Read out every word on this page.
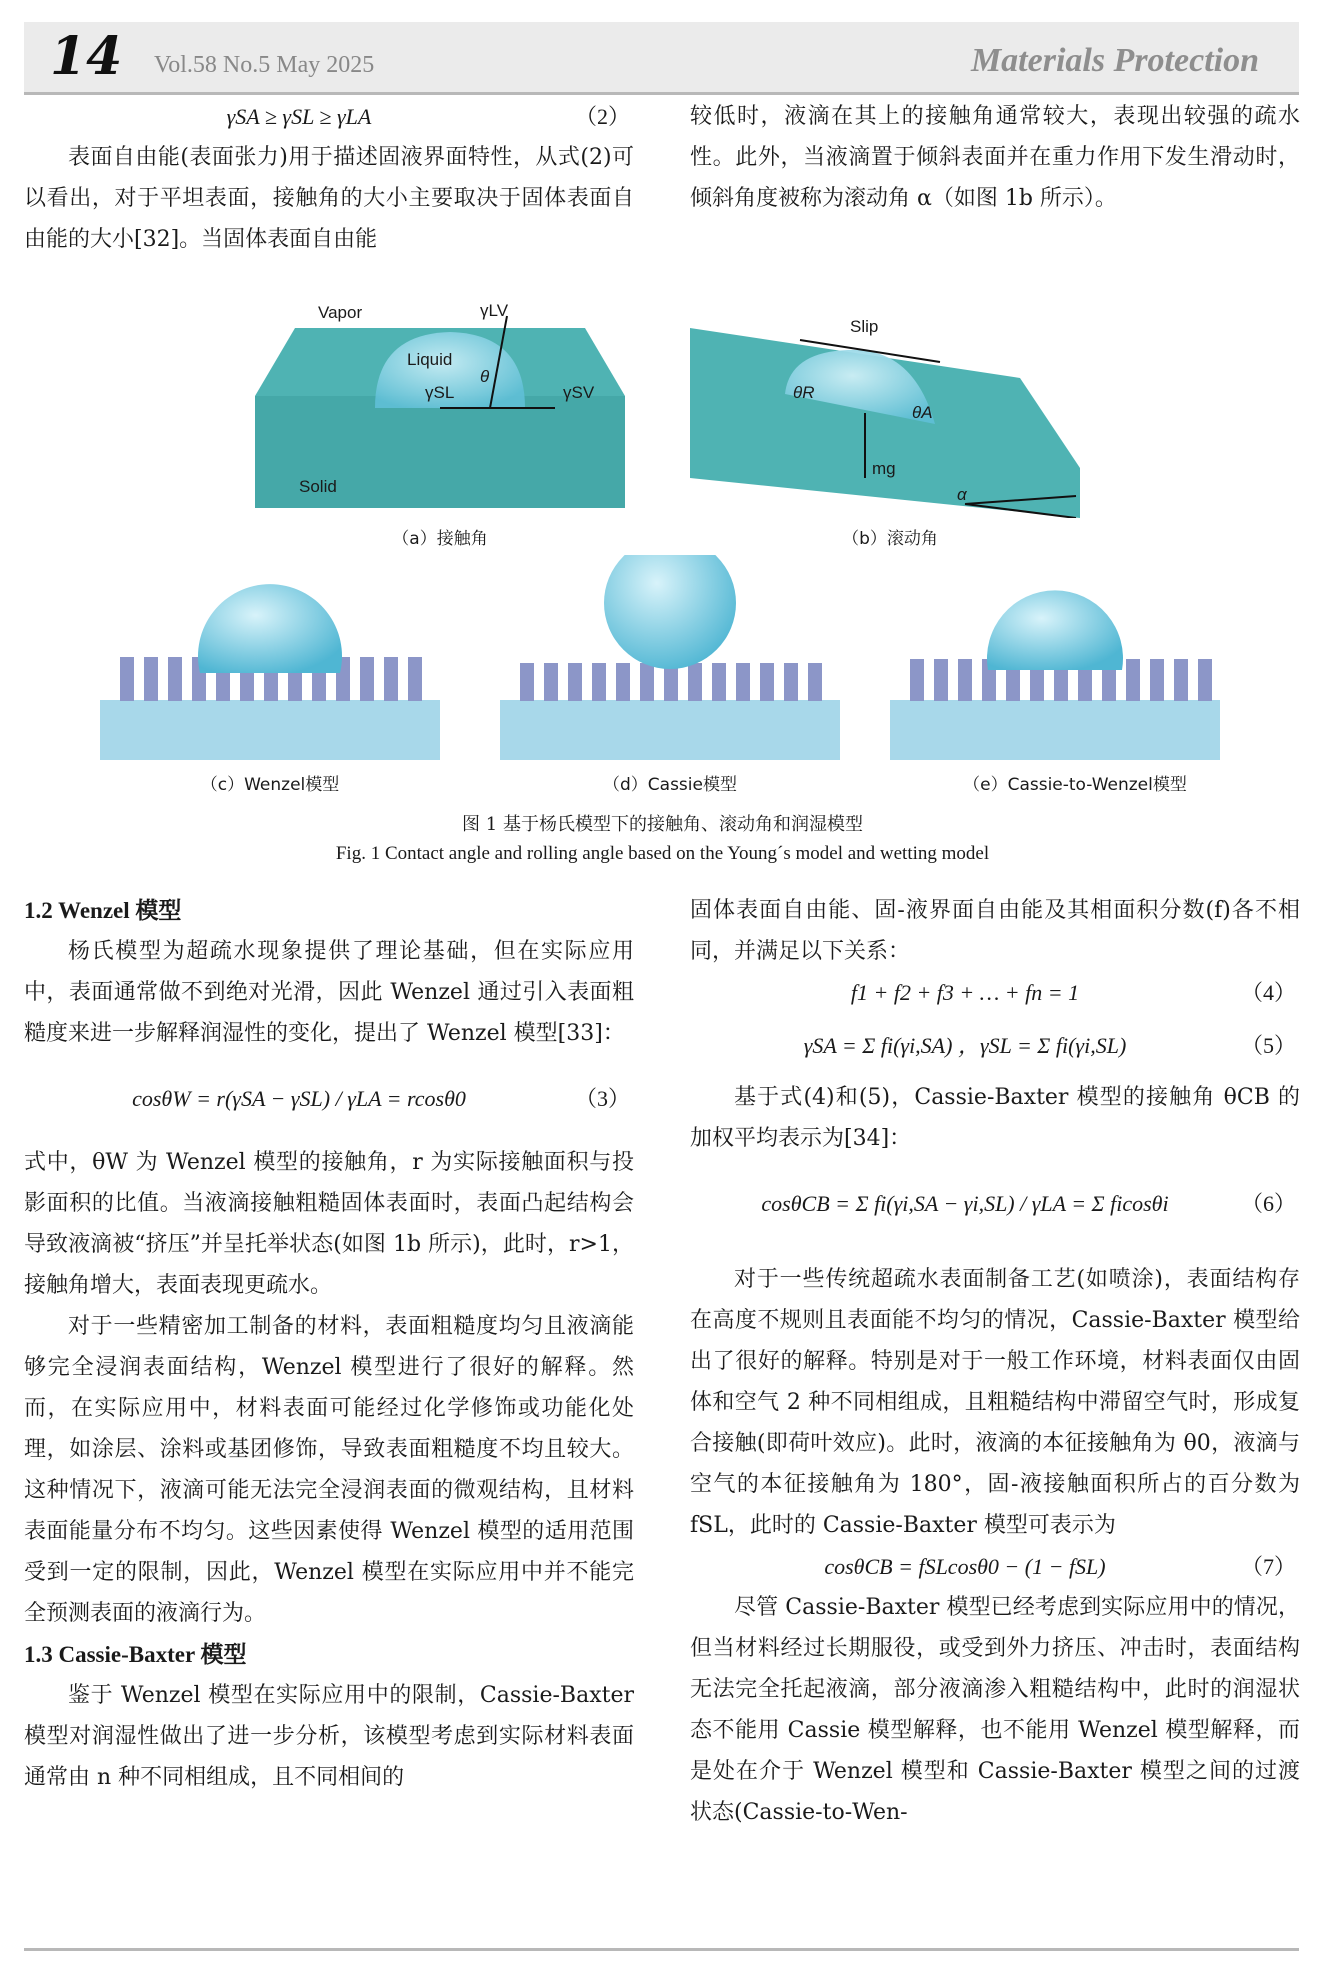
14 Vol.58 No.5 May 2025	Materials Protection
γSA ≥ γSL ≥ γLA	（2）

表面自由能(表面张力)用于描述固液界面特性，从式(2)可以看出，对于平坦表面，接触角的大小主要取决于固体表面自由能的大小[32]。当固体表面自由能

较低时，液滴在其上的接触角通常较大，表现出较强的疏水性。此外，当液滴置于倾斜表面并在重力作用下发生滑动时，倾斜角度被称为滚动角 α（如图 1b 所示）。

Vapor
Liquid
Solid
θ
γLV
γSL	γSV
（a）接触角
Slip
θR
θA
mg
α
（b）滚动角
（c）Wenzel模型	（d）Cassie模型	（e）Cassie-to-Wenzel模型
图 1 基于杨氏模型下的接触角、滚动角和润湿模型
Fig. 1 Contact angle and rolling angle based on the Young´s model and wetting model

1.2 Wenzel 模型

杨氏模型为超疏水现象提供了理论基础，但在实际应用中，表面通常做不到绝对光滑，因此 Wenzel 通过引入表面粗糙度来进一步解释润湿性的变化，提出了 Wenzel 模型[33]：

cosθW = r(γSA − γSL) / γLA = rcosθ0	（3）

式中，θW 为 Wenzel 模型的接触角，r 为实际接触面积与投影面积的比值。当液滴接触粗糙固体表面时，表面凸起结构会导致液滴被“挤压”并呈托举状态(如图 1b 所示)，此时，r>1，接触角增大，表面表现更疏水。

对于一些精密加工制备的材料，表面粗糙度均匀且液滴能够完全浸润表面结构，Wenzel 模型进行了很好的解释。然而，在实际应用中，材料表面可能经过化学修饰或功能化处理，如涂层、涂料或基团修饰，导致表面粗糙度不均且较大。这种情况下，液滴可能无法完全浸润表面的微观结构，且材料表面能量分布不均匀。这些因素使得 Wenzel 模型的适用范围受到一定的限制，因此，Wenzel 模型在实际应用中并不能完全预测表面的液滴行为。

1.3 Cassie‑Baxter 模型

鉴于 Wenzel 模型在实际应用中的限制，Cassie‑Baxter 模型对润湿性做出了进一步分析，该模型考虑到实际材料表面通常由 n 种不同相组成，且不同相间的

固体表面自由能、固‑液界面自由能及其相面积分数(f)各不相同，并满足以下关系：

f1 + f2 + f3 + … + fn = 1	（4）
γSA = Σ fi(γi,SA) ，γSL = Σ fi(γi,SL)	（5）

基于式(4)和(5)，Cassie‑Baxter 模型的接触角 θCB 的加权平均表示为[34]：

cosθCB = Σ fi(γi,SA − γi,SL) / γLA = Σ ficosθi	（6）

对于一些传统超疏水表面制备工艺(如喷涂)，表面结构存在高度不规则且表面能不均匀的情况，Cassie‑Baxter 模型给出了很好的解释。特别是对于一般工作环境，材料表面仅由固体和空气 2 种不同相组成，且粗糙结构中滞留空气时，形成复合接触(即荷叶效应)。此时，液滴的本征接触角为 θ0，液滴与空气的本征接触角为 180°，固‑液接触面积所占的百分数为 fSL，此时的 Cassie‑Baxter 模型可表示为

cosθCB = fSLcosθ0 − (1 − fSL)	（7）

尽管 Cassie‑Baxter 模型已经考虑到实际应用中的情况，但当材料经过长期服役，或受到外力挤压、冲击时，表面结构无法完全托起液滴，部分液滴渗入粗糙结构中，此时的润湿状态不能用 Cassie 模型解释，也不能用 Wenzel 模型解释，而是处在介于 Wenzel 模型和 Cassie‑Baxter 模型之间的过渡状态(Cassie‑to‑Wen-
